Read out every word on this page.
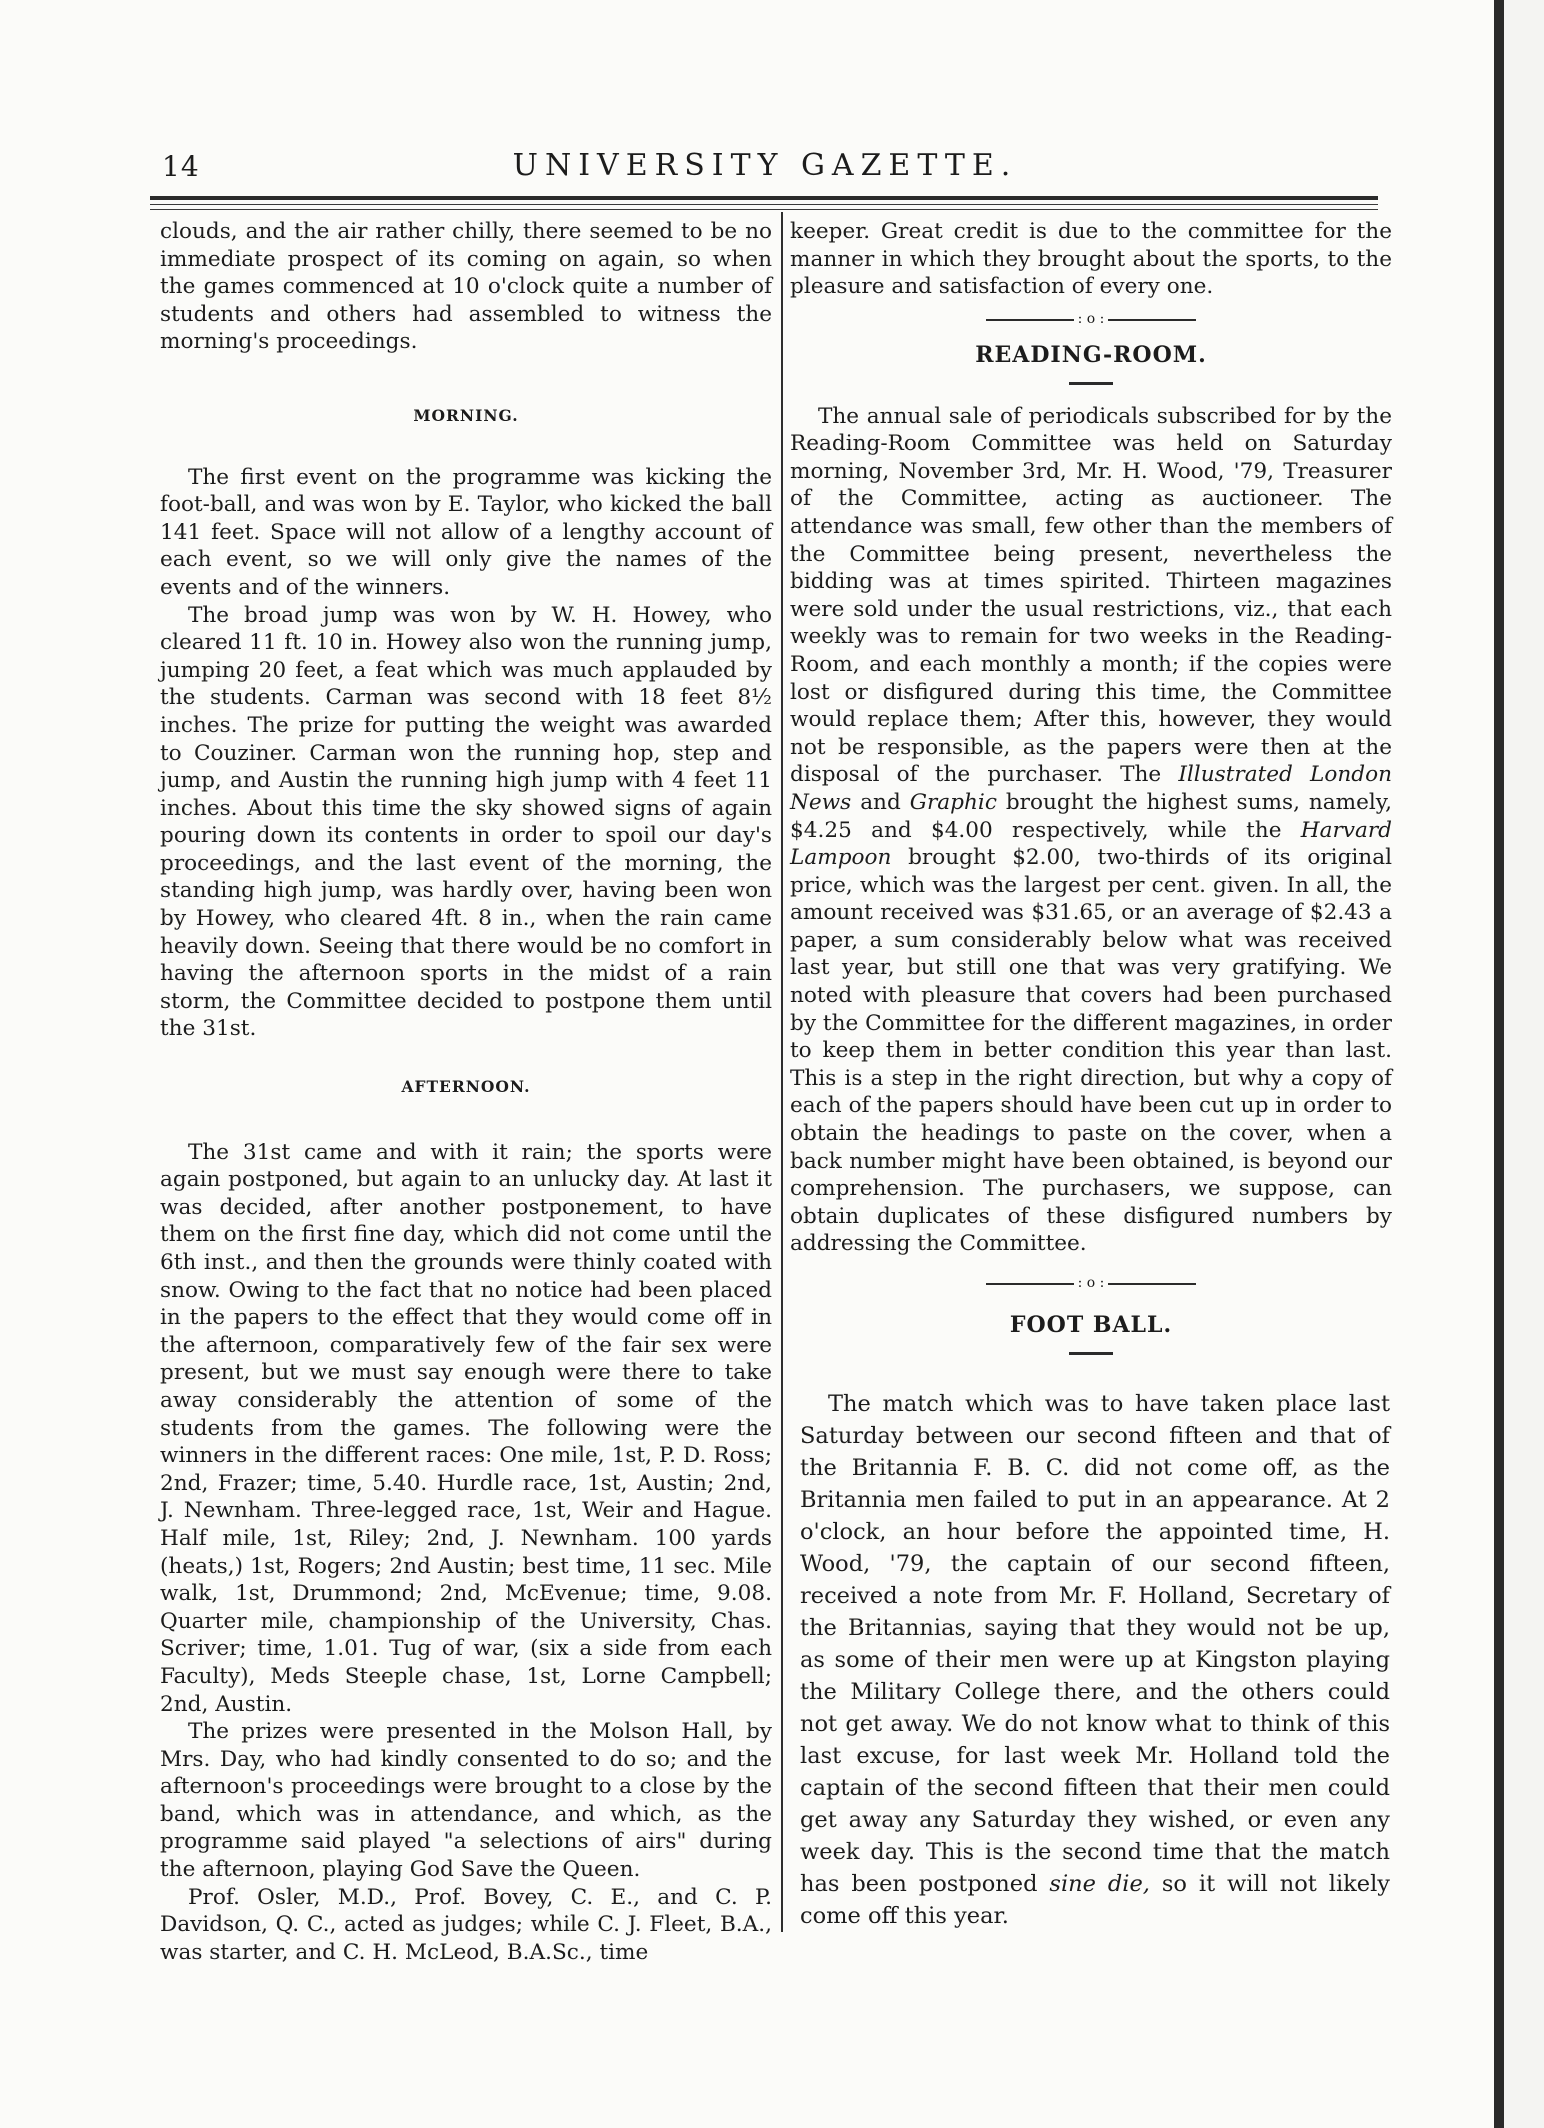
UNIVERSITY GAZETTE.
14

clouds, and the air rather chilly, there seemed to be no immediate prospect of its coming on again, so when the games commenced at 10 o'clock quite a number of students and others had assembled to witness the morning's proceedings.

MORNING.

The first event on the programme was kicking the foot-ball, and was won by E. Taylor, who kicked the ball 141 feet. Space will not allow of a lengthy account of each event, so we will only give the names of the events and of the winners.

The broad jump was won by W. H. Howey, who cleared 11 ft. 10 in. Howey also won the running jump, jumping 20 feet, a feat which was much applauded by the students. Carman was second with 18 feet 8½ inches. The prize for putting the weight was awarded to Couziner. Carman won the running hop, step and jump, and Austin the running high jump with 4 feet 11 inches. About this time the sky showed signs of again pouring down its contents in order to spoil our day's proceedings, and the last event of the morning, the standing high jump, was hardly over, having been won by Howey, who cleared 4ft. 8 in., when the rain came heavily down. Seeing that there would be no comfort in having the afternoon sports in the midst of a rain storm, the Committee decided to postpone them until the 31st.

AFTERNOON.

The 31st came and with it rain; the sports were again postponed, but again to an unlucky day. At last it was decided, after another postponement, to have them on the first fine day, which did not come until the 6th inst., and then the grounds were thinly coated with snow. Owing to the fact that no notice had been placed in the papers to the effect that they would come off in the afternoon, comparatively few of the fair sex were present, but we must say enough were there to take away considerably the attention of some of the students from the games. The following were the winners in the different races: One mile, 1st, P. D. Ross; 2nd, Frazer; time, 5.40. Hurdle race, 1st, Austin; 2nd, J. Newnham. Three-legged race, 1st, Weir and Hague. Half mile, 1st, Riley; 2nd, J. Newnham. 100 yards (heats,) 1st, Rogers; 2nd Austin; best time, 11 sec. Mile walk, 1st, Drummond; 2nd, McEvenue; time, 9.08. Quarter mile, championship of the University, Chas. Scriver; time, 1.01. Tug of war, (six a side from each Faculty), Meds Steeple chase, 1st, Lorne Campbell; 2nd, Austin.

The prizes were presented in the Molson Hall, by Mrs. Day, who had kindly consented to do so; and the afternoon's proceedings were brought to a close by the band, which was in attendance, and which, as the programme said played "a selections of airs" during the afternoon, playing God Save the Queen.

Prof. Osler, M.D., Prof. Bovey, C. E., and C. P. Davidson, Q. C., acted as judges; while C. J. Fleet, B.A., was starter, and C. H. McLeod, B.A.Sc., time

keeper. Great credit is due to the committee for the manner in which they brought about the sports, to the pleasure and satisfaction of every one.

: o :
READING-ROOM.

The annual sale of periodicals subscribed for by the Reading-Room Committee was held on Saturday morning, November 3rd, Mr. H. Wood, '79, Treasurer of the Committee, acting as auctioneer. The attendance was small, few other than the members of the Committee being present, nevertheless the bidding was at times spirited. Thirteen magazines were sold under the usual restrictions, viz., that each weekly was to remain for two weeks in the Reading-Room, and each monthly a month; if the copies were lost or disfigured during this time, the Committee would replace them; After this, however, they would not be responsible, as the papers were then at the disposal of the purchaser. The Illustrated London News and Graphic brought the highest sums, namely, $4.25 and $4.00 respectively, while the Harvard Lampoon brought $2.00, two-thirds of its original price, which was the largest per cent. given. In all, the amount received was $31.65, or an average of $2.43 a paper, a sum considerably below what was received last year, but still one that was very gratifying. We noted with pleasure that covers had been purchased by the Committee for the different magazines, in order to keep them in better condition this year than last. This is a step in the right direction, but why a copy of each of the papers should have been cut up in order to obtain the headings to paste on the cover, when a back number might have been obtained, is beyond our comprehension. The purchasers, we suppose, can obtain duplicates of these disfigured numbers by addressing the Committee.

: o :
FOOT BALL.

The match which was to have taken place last Saturday between our second fifteen and that of the Britannia F. B. C. did not come off, as the Britannia men failed to put in an appearance. At 2 o'clock, an hour before the appointed time, H. Wood, '79, the captain of our second fifteen, received a note from Mr. F. Holland, Secretary of the Britannias, saying that they would not be up, as some of their men were up at Kingston playing the Military College there, and the others could not get away. We do not know what to think of this last excuse, for last week Mr. Holland told the captain of the second fifteen that their men could get away any Saturday they wished, or even any week day. This is the second time that the match has been postponed sine die, so it will not likely come off this year.
